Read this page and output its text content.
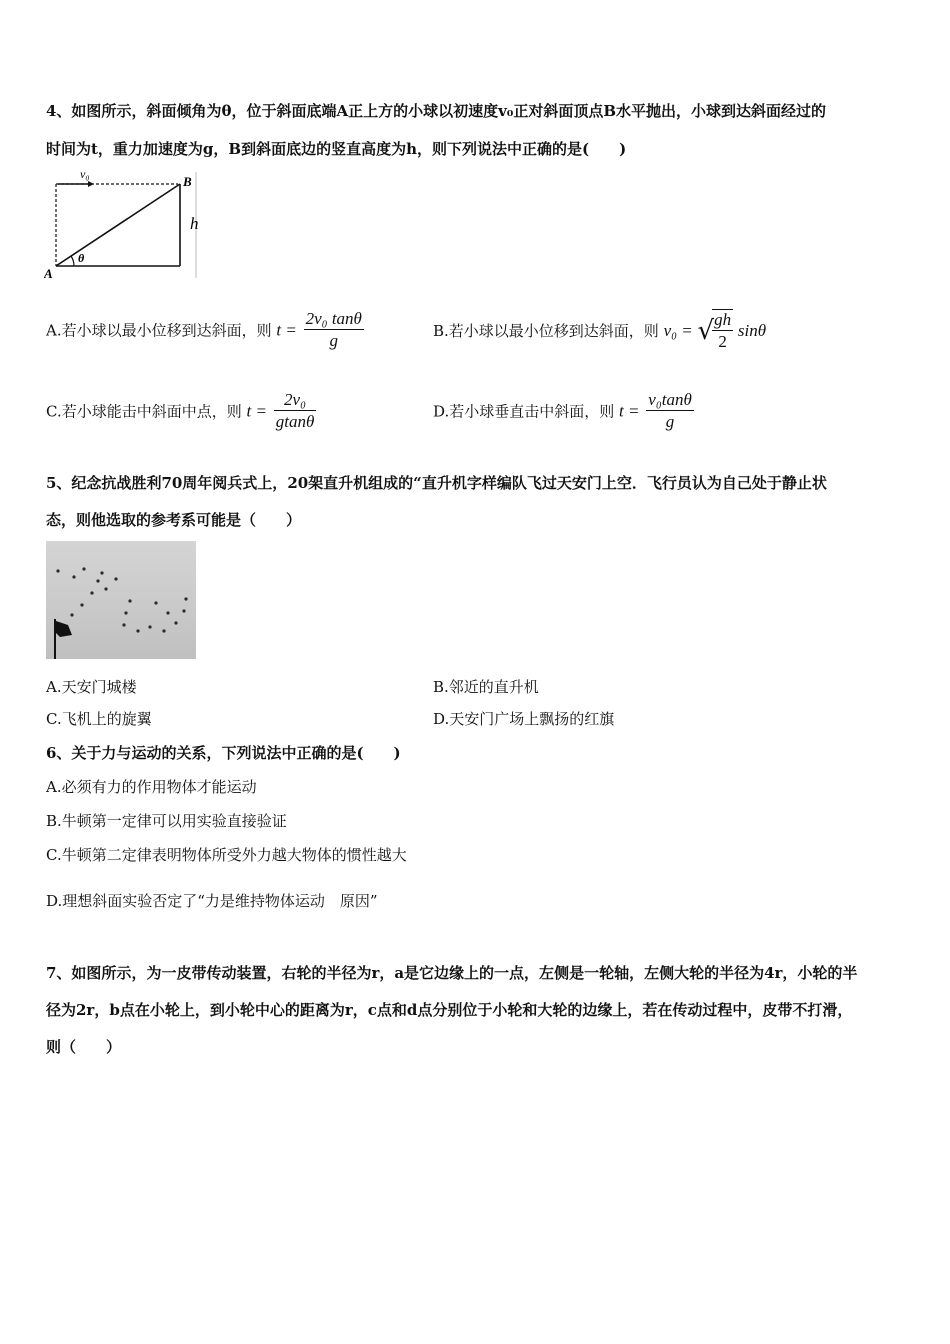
4、如图所示，斜面倾角为θ，位于斜面底端A正上方的小球以初速度v₀正对斜面顶点B水平抛出，小球到达斜面经过的
时间为t，重力加速度为g，B到斜面底边的竖直高度为h，则下列说法中正确的是(　　)
v₀	B
h
A
θ
A.若小球以最小位移到达斜面，则 $t = \frac{\text{2v₀ tanθ}}{g}$	B.若小球以最小位移到达斜面，则 v₀ = √
$\frac{gh}{2}$ sinθ
C.若小球能击中斜面中点，则 $t = \frac{\text{2v₀}}{gtan\theta}$	D.若小球垂直击中斜面，则 $t = \frac{\text{v₀tanθ}}{g}$
5、纪念抗战胜利70周年阅兵式上，20架直升机组成的“直升机字样编队飞过天安门上空．飞行员认为自己处于静止状
态，则他选取的参考系可能是（　　）
A.天安门城楼	B.邻近的直升机
C.飞机上的旋翼	D.天安门广场上飘扬的红旗
6、关于力与运动的关系，下列说法中正确的是(　　)
A.必须有力的作用物体才能运动
B.牛顿第一定律可以用实验直接验证
C.牛顿第二定律表明物体所受外力越大物体的惯性越大
D.理想斜面实验否定了“力是维持物体运动　原因”
7、如图所示，为一皮带传动装置，右轮的半径为r，a是它边缘上的一点，左侧是一轮轴，左侧大轮的半径为4r，小轮的半
径为2r，b点在小轮上，到小轮中心的距离为r，c点和d点分别位于小轮和大轮的边缘上，若在传动过程中，皮带不打滑，
则（　　）
